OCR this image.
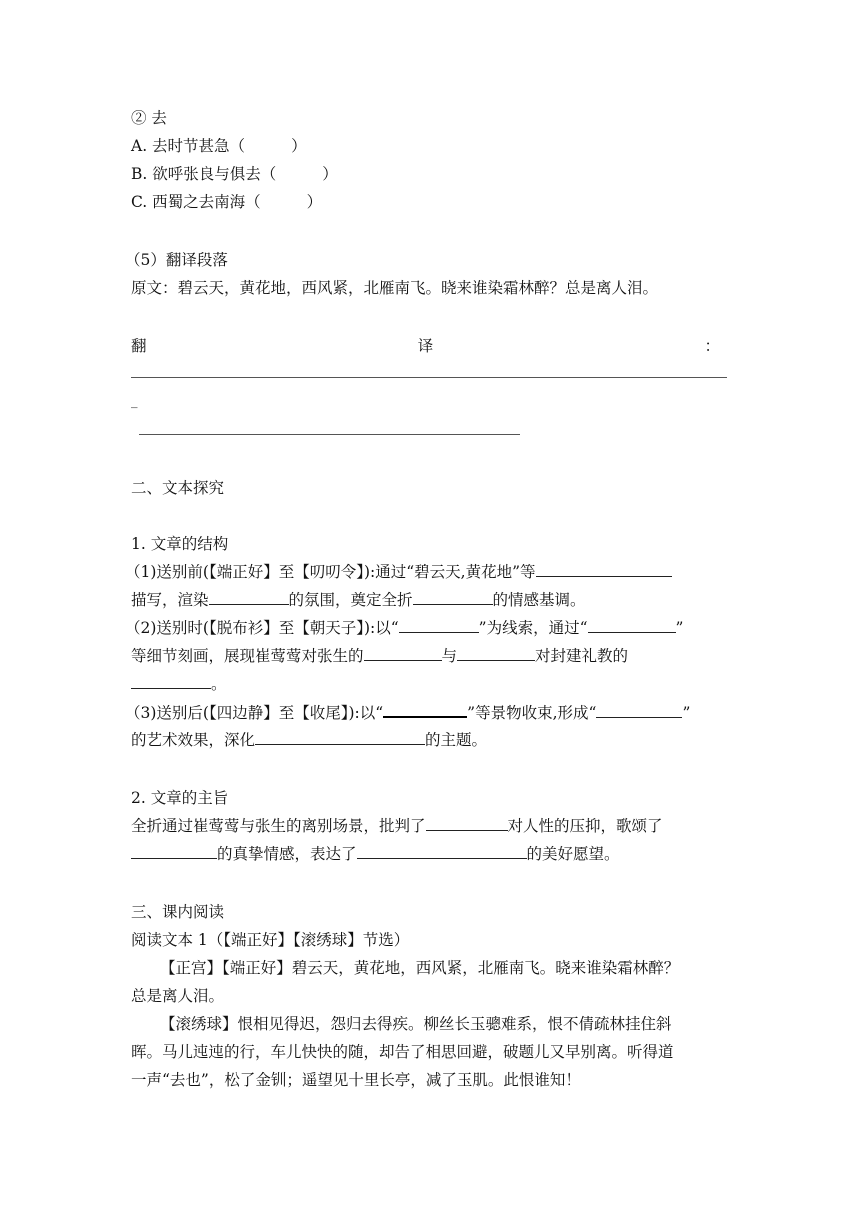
② 去
A. 去时节甚急（	）
B. 欲呼张良与俱去（	）
C. 西蜀之去南海（	）
（5）翻译段落
原文：碧云天，黄花地，西风紧，北雁南飞。晓来谁染霜林醉？总是离人泪。
翻	译	：
_
二、文本探究
1. 文章的结构
（1)送别前(【端正好】至【叨叨令】):通过“碧云天,黄花地”等
描写，渲染	的氛围，奠定全折	的情感基调。
（2)送别时(【脱布衫】至【朝天子】):以“	”为线索，通过“	”
等细节刻画，展现崔莺莺对张生的	与	对封建礼教的
。
（3)送别后(【四边静】至【收尾】):以“	”等景物收束,形成“	”
的艺术效果，深化	的主题。
2. 文章的主旨
全折通过崔莺莺与张生的离别场景，批判了	对人性的压抑，歌颂了
的真挚情感，表达了	的美好愿望。
三、课内阅读
阅读文本 1（【端正好】【滚绣球】节选）
【正宫】【端正好】碧云天，黄花地，西风紧，北雁南飞。晓来谁染霜林醉？
总是离人泪。
【滚绣球】恨相见得迟，怨归去得疾。柳丝长玉骢难系，恨不倩疏林挂住斜
晖。马儿迍迍的行，车儿快快的随，却告了相思回避，破题儿又早别离。听得道
一声“去也”，松了金钏；遥望见十里长亭，减了玉肌。此恨谁知！
